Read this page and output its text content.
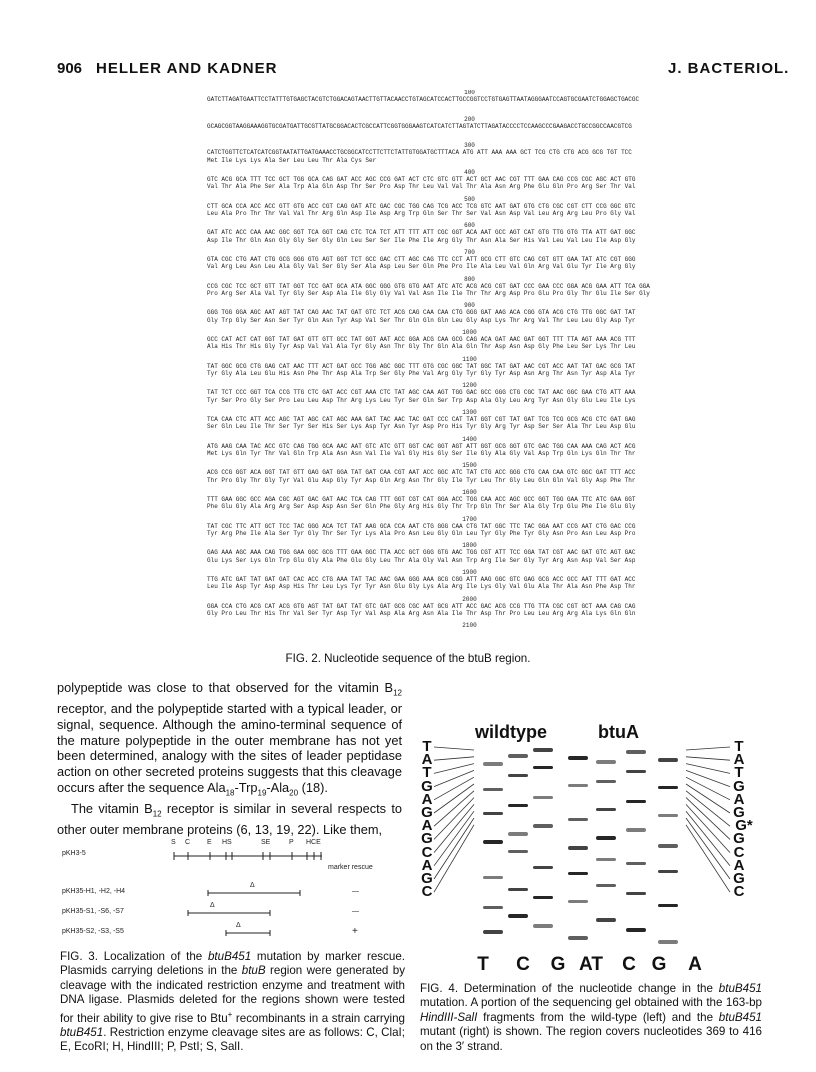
906 HELLER AND KADNER	J. BACTERIOL.
100
GATCTTAGATGAATTCCTATTTGTGAGCTACGTCTGGACAGTAACTTGTTACAACCTGTAGCATCCACTTGCCGGTCCTGTGAGTTAATAGGGAATCCAGTGCGAATCTGGAGCTGACGC
200
GCAGCGGTAAGGAAAGGTGCGATGATTGCGTTATGCGGACACTCGCCATTCGGTGGGAAGTCATCATCTTAGTATCTTAGATACCCCTCCAAGCCCGAAGACCTGCCGGCCAACGTCG
300
CATCTGGTTCTCATCATCGGTAATATTGATGAAACCTGCGGCATCCTTCTTCTATTGTGGATGCTTTACA ATG ATT AAA AAA GCT TCG CTG CTG ACG GCG TGT TCC
Met Ile Lys Lys Ala Ser Leu Leu Thr Ala Cys Ser
400
GTC ACG GCA TTT TCC GCT TGG GCA CAG GAT ACC AGC CCG GAT ACT CTC GTC GTT ACT GCT AAC CGT TTT GAA CAG CCG CGC AGC ACT GTG
Val Thr Ala Phe Ser Ala Trp Ala Gln Asp Thr Ser Pro Asp Thr Leu Val Val Thr Ala Asn Arg Phe Glu Gln Pro Arg Ser Thr Val
500
CTT GCA CCA ACC ACC GTT GTG ACC CGT CAG GAT ATC GAC CGC TGG CAG TCG ACC TCG GTC AAT GAT GTG CTG CGC CGT CTT CCG GGC GTC
Leu Ala Pro Thr Thr Val Val Thr Arg Gln Asp Ile Asp Arg Trp Gln Ser Thr Ser Val Asn Asp Val Leu Arg Arg Leu Pro Gly Val
600
GAT ATC ACC CAA AAC GGC GGT TCA GGT CAG CTC TCA TCT ATT TTT ATT CGC GGT ACA AAT GCC AGT CAT GTG TTG GTG TTA ATT GAT GGC
Asp Ile Thr Gln Asn Gly Gly Ser Gly Gln Leu Ser Ser Ile Phe Ile Arg Gly Thr Asn Ala Ser His Val Leu Val Leu Ile Asp Gly
700
GTA CGC CTG AAT CTG GCG GGG GTG AGT GGT TCT GCC GAC CTT AGC CAG TTC CCT ATT GCG CTT GTC CAG CGT GTT GAA TAT ATC CGT GGG
Val Arg Leu Asn Leu Ala Gly Val Ser Gly Ser Ala Asp Leu Ser Gln Phe Pro Ile Ala Leu Val Gln Arg Val Glu Tyr Ile Arg Gly
800
CCG CGC TCC GCT GTT TAT GGT TCC GAT GCA ATA GGC GGG GTG GTG AAT ATC ATC ACG ACG CGT GAT CCC GAA CCC GGA ACG GAA ATT TCA GGA
Pro Arg Ser Ala Val Tyr Gly Ser Asp Ala Ile Gly Gly Val Val Asn Ile Ile Thr Thr Arg Asp Pro Glu Pro Gly Thr Glu Ile Ser Gly
900
GGG TGG GGA AGC AAT AGT TAT CAG AAC TAT GAT GTC TCT ACG CAG CAA CAA CTG GGG GAT AAG ACA CGG GTA ACG CTG TTG GGC GAT TAT
Gly Trp Gly Ser Asn Ser Tyr Gln Asn Tyr Asp Val Ser Thr Gln Gln Gln Leu Gly Asp Lys Thr Arg Val Thr Leu Leu Gly Asp Tyr
1000
GCC CAT ACT CAT GGT TAT GAT GTT GTT GCC TAT GGT AAT ACC GGA ACG CAA GCG CAG ACA GAT AAC GAT GGT TTT TTA AGT AAA ACG TTT
Ala His Thr His Gly Tyr Asp Val Val Ala Tyr Gly Asn Thr Gly Thr Gln Ala Gln Thr Asp Asn Asp Gly Phe Leu Ser Lys Thr Leu
1100
TAT GGC GCG CTG GAG CAT AAC TTT ACT GAT GCC TGG AGC GGC TTT GTG CGC GGC TAT GGC TAT GAT AAC CGT ACC AAT TAT GAC GCG TAT
Tyr Gly Ala Leu Glu His Asn Phe Thr Asp Ala Trp Ser Gly Phe Val Arg Gly Tyr Gly Tyr Asp Asn Arg Thr Asn Tyr Asp Ala Tyr
1200
TAT TCT CCC GGT TCA CCG TTG CTC GAT ACC CGT AAA CTC TAT AGC CAA AGT TGG GAC GCC GGG CTG CGC TAT AAC GGC GAA CTG ATT AAA
Tyr Ser Pro Gly Ser Pro Leu Leu Asp Thr Arg Lys Leu Tyr Ser Gln Ser Trp Asp Ala Gly Leu Arg Tyr Asn Gly Glu Leu Ile Lys
1300
TCA CAA CTC ATT ACC AGC TAT AGC CAT AGC AAA GAT TAC AAC TAC GAT CCC CAT TAT GGT CGT TAT GAT TCG TCG GCG ACG CTC GAT GAG
Ser Gln Leu Ile Thr Ser Tyr Ser His Ser Lys Asp Tyr Asn Tyr Asp Pro His Tyr Gly Arg Tyr Asp Ser Ser Ala Thr Leu Asp Glu
1400
ATG AAG CAA TAC ACC GTC CAG TGG GCA AAC AAT GTC ATC GTT GGT CAC GGT AGT ATT GGT GCG GGT GTC GAC TGG CAA AAA CAG ACT ACG
Met Lys Gln Tyr Thr Val Gln Trp Ala Asn Asn Val Ile Val Gly His Gly Ser Ile Gly Ala Gly Val Asp Trp Gln Lys Gln Thr Thr
1500
ACG CCG GGT ACA GGT TAT GTT GAG GAT GGA TAT GAT CAA CGT AAT ACC GGC ATC TAT CTG ACC GGG CTG CAA CAA GTC GGC GAT TTT ACC
Thr Pro Gly Thr Gly Tyr Val Glu Asp Gly Tyr Asp Gln Arg Asn Thr Gly Ile Tyr Leu Thr Gly Leu Gln Gln Val Gly Asp Phe Thr
1600
TTT GAA GGC GCC AGA CGC AGT GAC GAT AAC TCA CAG TTT GGT CGT CAT GGA ACC TGG CAA ACC AGC GCC GGT TGG GAA TTC ATC GAA GGT
Phe Glu Gly Ala Arg Arg Ser Asp Asp Asn Ser Gln Phe Gly Arg His Gly Thr Trp Gln Thr Ser Ala Gly Trp Glu Phe Ile Glu Gly
1700
TAT CGC TTC ATT GCT TCC TAC GGG ACA TCT TAT AAG GCA CCA AAT CTG GGG CAA CTG TAT GGC TTC TAC GGA AAT CCG AAT CTG GAC CCG
Tyr Arg Phe Ile Ala Ser Tyr Gly Thr Ser Tyr Lys Ala Pro Asn Leu Gly Gln Leu Tyr Gly Phe Tyr Gly Asn Pro Asn Leu Asp Pro
1800
GAG AAA AGC AAA CAG TGG GAA GGC GCG TTT GAA GGC TTA ACC GCT GGG GTG AAC TGG CGT ATT TCC GGA TAT CGT AAC GAT GTC AGT GAC
Glu Lys Ser Lys Gln Trp Glu Gly Ala Phe Glu Gly Leu Thr Ala Gly Val Asn Trp Arg Ile Ser Gly Tyr Arg Asn Asp Val Ser Asp
1900
TTG ATC GAT TAT GAT GAT CAC ACC CTG AAA TAT TAC AAC GAA GGG AAA GCG CGG ATT AAG GGC GTC GAG GCG ACC GCC AAT TTT GAT ACC
Leu Ile Asp Tyr Asp Asp His Thr Leu Lys Tyr Tyr Asn Glu Gly Lys Ala Arg Ile Lys Gly Val Glu Ala Thr Ala Asn Phe Asp Thr
2000
GGA CCA CTG ACG CAT ACG GTG AGT TAT GAT TAT GTC GAT GCG CGC AAT GCG ATT ACC GAC ACG CCG TTG TTA CGC CGT GCT AAA CAG CAG
Gly Pro Leu Thr His Thr Val Ser Tyr Asp Tyr Val Asp Ala Arg Asn Ala Ile Thr Asp Thr Pro Leu Leu Arg Arg Ala Lys Gln Gln
2100
FIG. 2. Nucleotide sequence of the btuB region.
polypeptide was close to that observed for the vitamin $B_{12}$ receptor, and the polypeptide started with a typical leader, or signal, sequence. Although the amino-terminal sequence of the mature polypeptide in the outer membrane has not yet been determined, analogy with the sites of leader peptidase action on other secreted proteins suggests that this cleavage occurs after the sequence Ala$_{18}$-Trp$_{19}$-Ala$_{20}$ (18).
The vitamin $B_{12}$ receptor is similar in several respects to other outer membrane proteins (6, 13, 19, 22). Like them,
pKH3-5
S C E HS	SE	P HCE
marker rescue
pKH35-H1, -H2, -H4
Δ
—
pKH35-S1, -S6, -S7
Δ
—
pKH35-S2, -S3, -S5
Δ
+
FIG. 3. Localization of the btuB451 mutation by marker rescue. Plasmids carrying deletions in the btuB region were generated by cleavage with the indicated restriction enzyme and treatment with DNA ligase. Plasmids deleted for the regions shown were tested for their ability to give rise to Btu+ recombinants in a strain carrying btuB451. Restriction enzyme cleavage sites are as follows: C, ClaI; E, EcoRI; H, HindIII; P, PstI; S, SalI.
wildtype	btuA
T
A
T
G
A
G
A
G
C
A
G
C
T
A
T
G
A
G
G*
G
C
A
G
C
T	C	G AT	C G	A
FIG. 4. Determination of the nucleotide change in the btuB451 mutation. A portion of the sequencing gel obtained with the 163-bp HindIII-SalI fragments from the wild-type (left) and the btuB451 mutant (right) is shown. The region covers nucleotides 369 to 416 on the 3′ strand.
